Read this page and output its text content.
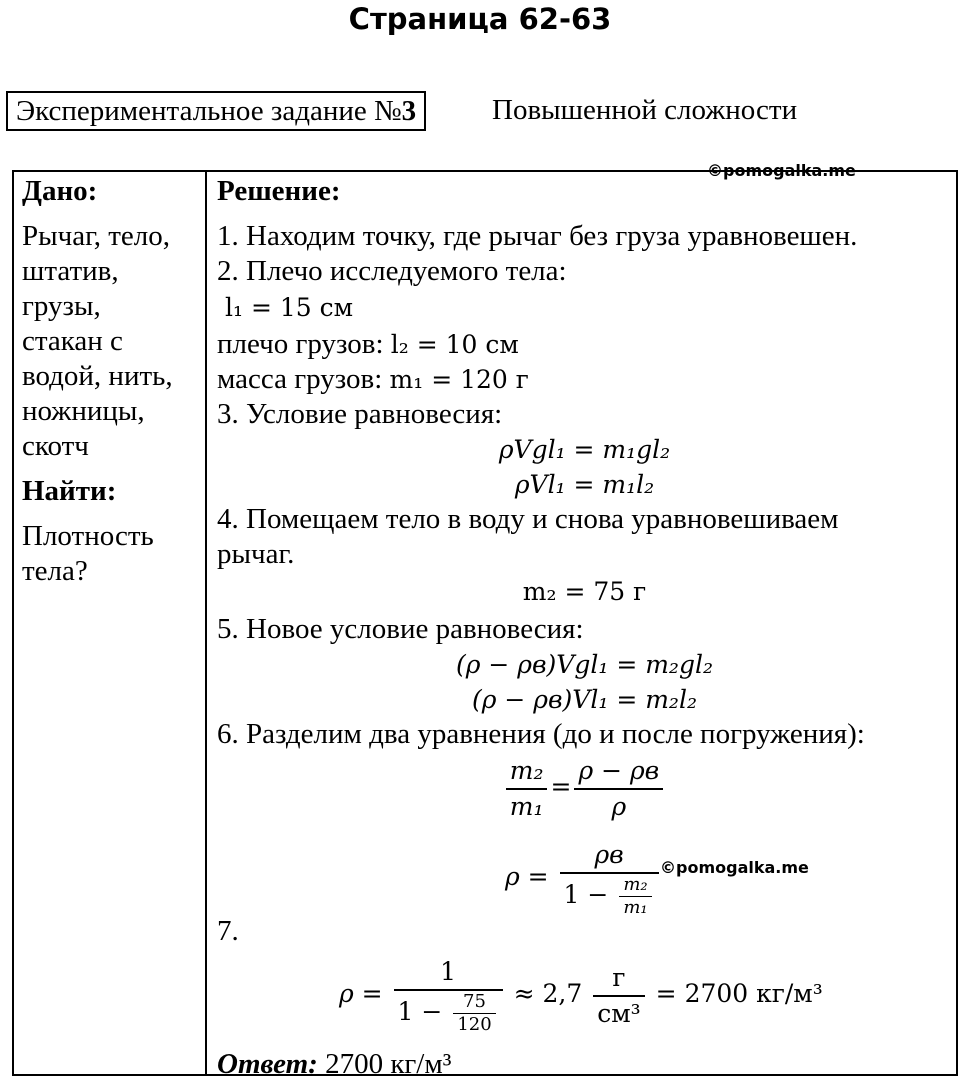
Страница 62-63
Экспериментальное задание №3	Повышенной сложности
©pomogalka.me
Дано:
Рычаг, тело,
штатив,
грузы,
стакан с
водой, нить,
ножницы,
скотч
Найти:
Плотность
тела?
Решение:
1. Находим точку, где рычаг без груза уравновешен.
2. Плечо исследуемого тела:
l₁ = 15 см
плечо грузов: l₂ = 10 см
масса грузов: m₁ = 120 г
3. Условие равновесия:
ρVgl₁ = m₁gl₂
ρVl₁ = m₁l₂
4. Помещаем тело в воду и снова уравновешиваем
рычаг.
m₂ = 75 г
5. Новое условие равновесия:
(ρ − ρв)Vgl₁ = m₂gl₂
(ρ − ρв)Vl₁ = m₂l₂
6. Разделим два уравнения (до и после погружения):
$\frac{\text{m₂}}{\text{m₁}} = \frac{\rho - \rho в}{\rho}$
$\rho = \frac{\rho в}{1 - \frac{\text{m₂}}{\text{m₁}}}$
7.
$\rho = \frac{1}{1 - \frac{75}{120}} \approx 2,7 \frac{г}{\text{см³}} = 2700$ кг/м³
Ответ: 2700 кг/м³
©pomogalka.me
